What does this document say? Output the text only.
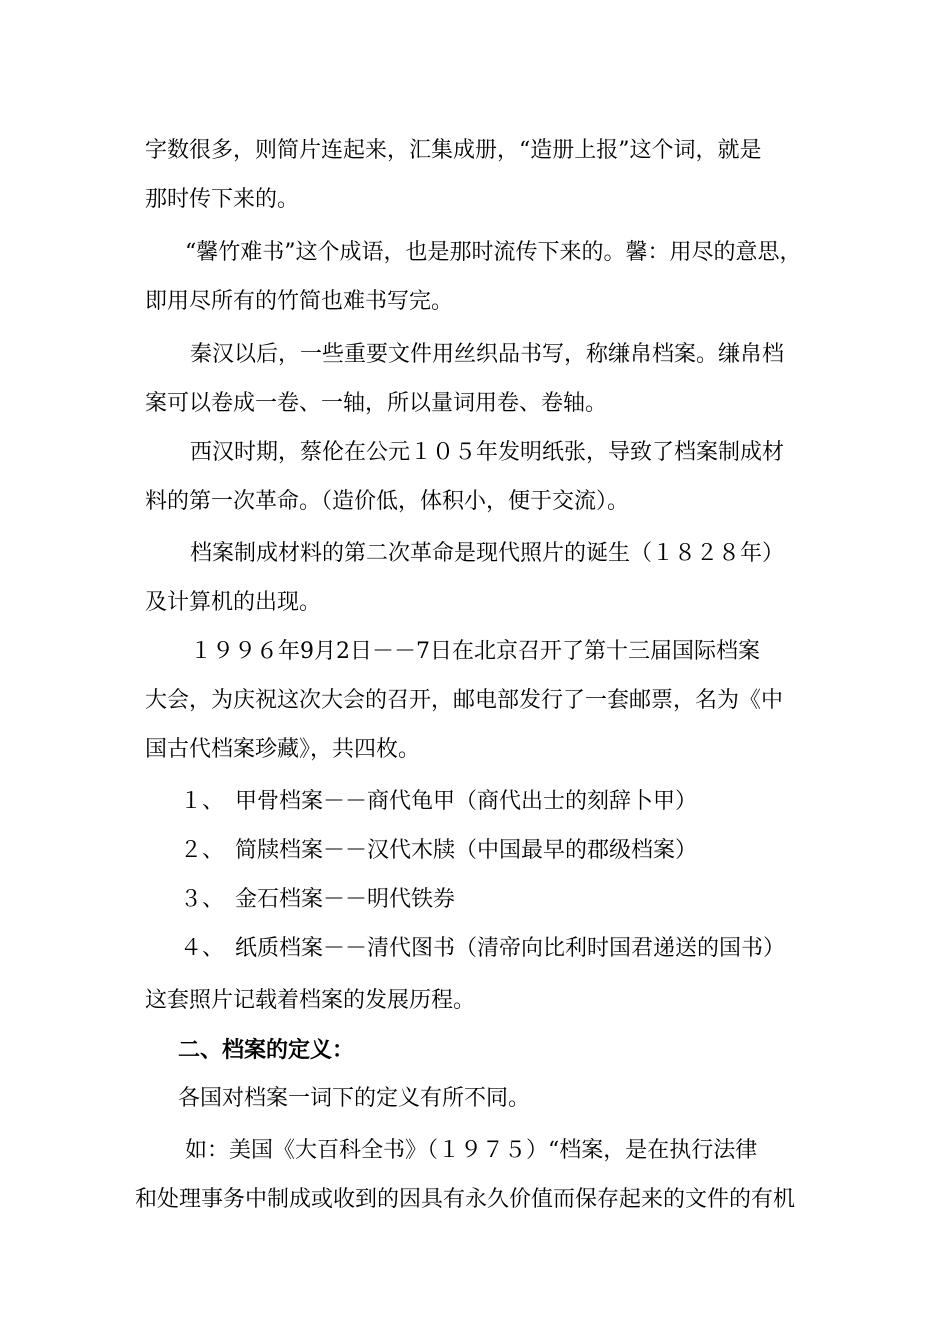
字数很多，则简片连起来，汇集成册，“造册上报”这个词，就是
那时传下来的。
“馨竹难书”这个成语，也是那时流传下来的。馨：用尽的意思，
即用尽所有的竹简也难书写完。
秦汉以后，一些重要文件用丝织品书写，称缣帛档案。缣帛档
案可以卷成一卷、一轴，所以量词用卷、卷轴。
西汉时期，蔡伦在公元１０５年发明纸张，导致了档案制成材
料的第一次革命。（造价低，体积小，便于交流）。
档案制成材料的第二次革命是现代照片的诞生（１８２８年）
及计算机的出现。
１９９６年9月2日－－7日在北京召开了第十三届国际档案
大会，为庆祝这次大会的召开，邮电部发行了一套邮票，名为《中
国古代档案珍藏》，共四枚。
１、　甲骨档案－－商代龟甲（商代出士的刻辞卜甲）
２、　简牍档案－－汉代木牍（中国最早的郡级档案）
３、　金石档案－－明代铁券
４、　纸质档案－－清代图书（清帝向比利时国君递送的国书）
这套照片记载着档案的发展历程。
二、档案的定义：
各国对档案一词下的定义有所不同。
如：美国《大百科全书》（１９７５）“档案，是在执行法律
和处理事务中制成或收到的因具有永久价值而保存起来的文件的有机
